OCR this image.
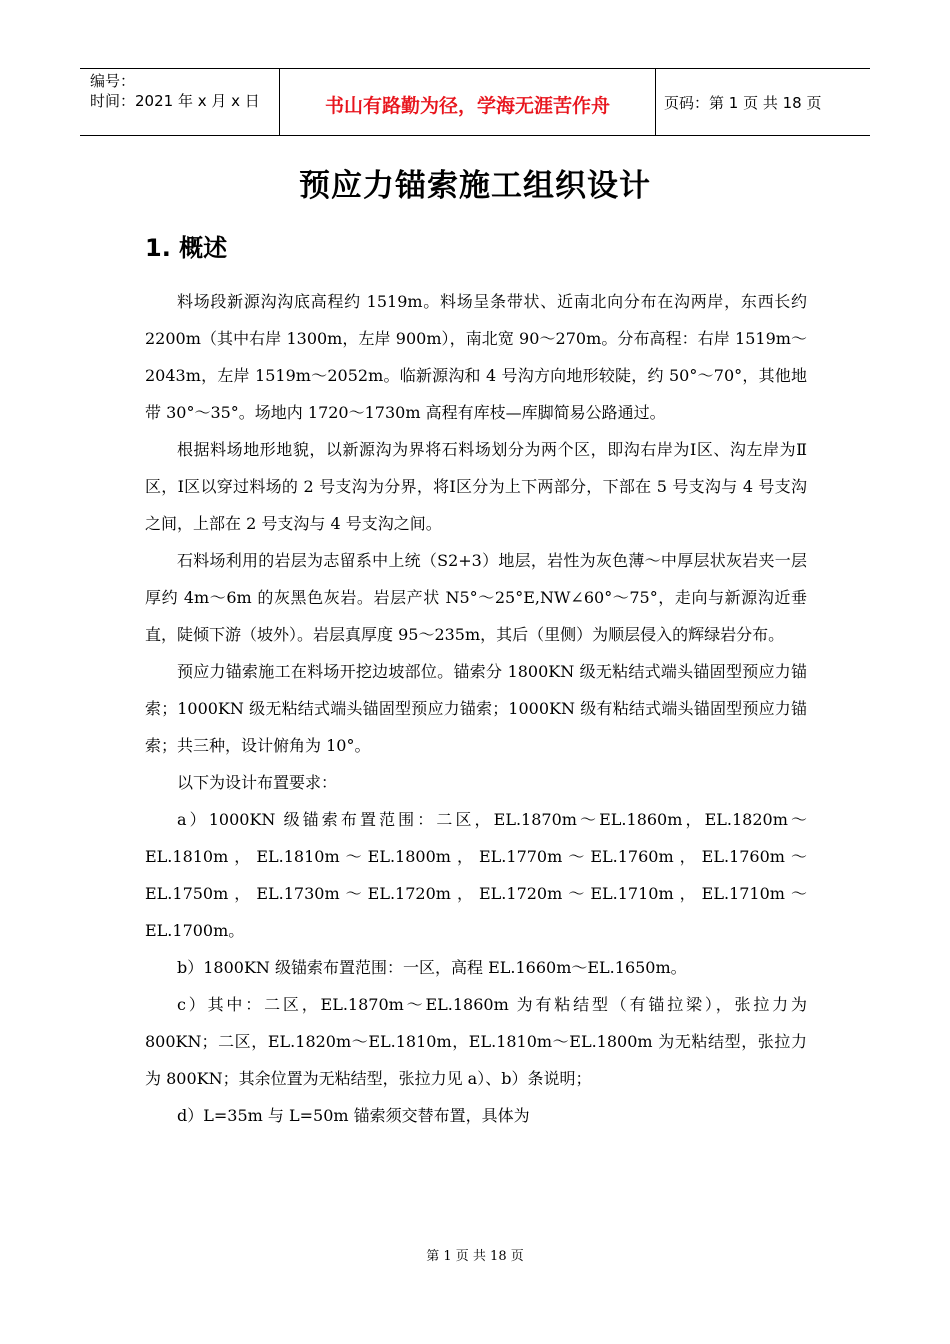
编号：
时间：2021 年 x 月 x 日	书山有路勤为径，学海无涯苦作舟	页码：第 1 页 共 18 页
预应力锚索施工组织设计
1. 概述

料场段新源沟沟底高程约 1519m。料场呈条带状、近南北向分布在沟两岸，东西长约 2200m（其中右岸 1300m，左岸 900m），南北宽 90～270m。分布高程：右岸 1519m～2043m，左岸 1519m～2052m。临新源沟和 4 号沟方向地形较陡，约 50°～70°，其他地带 30°～35°。场地内 1720～1730m 高程有库枝—库脚简易公路通过。

根据料场地形地貌，以新源沟为界将石料场划分为两个区，即沟右岸为Ⅰ区、沟左岸为Ⅱ区，Ⅰ区以穿过料场的 2 号支沟为分界，将Ⅰ区分为上下两部分，下部在 5 号支沟与 4 号支沟之间，上部在 2 号支沟与 4 号支沟之间。

石料场利用的岩层为志留系中上统（S2+3）地层，岩性为灰色薄～中厚层状灰岩夹一层厚约 4m～6m 的灰黑色灰岩。岩层产状 N5°～25°E,NW∠60°～75°，走向与新源沟近垂直，陡倾下游（坡外）。岩层真厚度 95～235m，其后（里侧）为顺层侵入的辉绿岩分布。

预应力锚索施工在料场开挖边坡部位。锚索分 1800KN 级无粘结式端头锚固型预应力锚索；1000KN 级无粘结式端头锚固型预应力锚索；1000KN 级有粘结式端头锚固型预应力锚索；共三种，设计俯角为 10°。

以下为设计布置要求：

a）1000KN 级锚索布置范围：二区，EL.1870m～EL.1860m，EL.1820m～EL.1810m，EL.1810m～EL.1800m，EL.1770m～EL.1760m，EL.1760m～EL.1750m，EL.1730m～EL.1720m，EL.1720m～EL.1710m，EL.1710m～EL.1700m。

b）1800KN 级锚索布置范围：一区，高程 EL.1660m～EL.1650m。

c）其中：二区，EL.1870m～EL.1860m 为有粘结型（有锚拉梁），张拉力为 800KN；二区，EL.1820m～EL.1810m，EL.1810m～EL.1800m 为无粘结型，张拉力为 800KN；其余位置为无粘结型，张拉力见 a）、b）条说明；

d）L=35m 与 L=50m 锚索须交替布置，具体为

第 1 页 共 18 页
